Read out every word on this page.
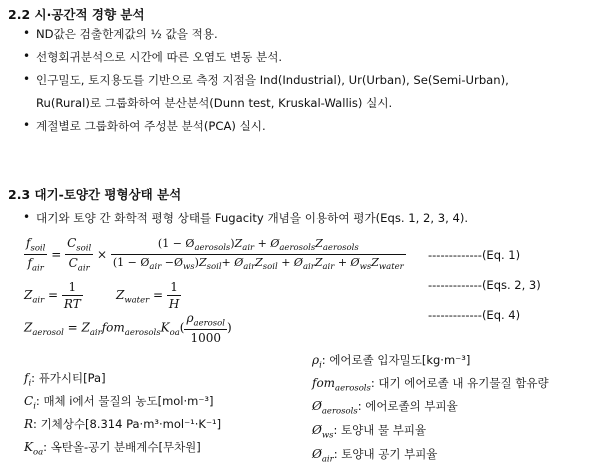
2.2 시·공간적 경향 분석
• ND값은 검출한계값의 ½ 값을 적용.
• 선형회귀분석으로 시간에 따른 오염도 변동 분석.
• 인구밀도, 토지용도를 기반으로 측정 지점을 Ind(Industrial), Ur(Urban), Se(Semi-Urban),
Ru(Rural)로 그룹화하여 분산분석(Dunn test, Kruskal-Wallis) 실시.
• 계절별로 그룹화하여 주성분 분석(PCA) 실시.
2.3 대기-토양간 평형상태 분석
• 대기와 토양 간 화학적 평형 상태를 Fugacity 개념을 이용하여 평가(Eqs. 1, 2, 3, 4).
$\frac{f_{soil}}{f_{air}} = \frac{C_{soil}}{C_{air}} \times \frac{(1 - Ø_{aerosols})Z_{air} + Ø_{aerosols}Z_{aerosols}}{(1 - Ø_{air} -Ø_{ws})Z_{soil}+ Ø_{air}Z_{soil} + Ø_{air}Z_{air} + Ø_{ws}Z_{water}} -------------(Eq$. 1)
$Z_{air} = \frac{1}{RT}$	$Z_{water} = \frac{1}{H}$	-------------(Eqs. 2, 3)
$Z_{aerosol} = Z_{air}fom_{aerosols}K_{oa}( \frac{\rho_{aerosol}}{1000}$ )
-------------(Eq. 4)
$f_i$: 퓨가시티[Pa]
$C_i$: 매체 i에서 물질의 농도[mol·m⁻³]
R: 기체상수[8.314 Pa·m³·mol⁻¹·K⁻¹]
$K_{oa}$: 옥탄올-공기 분배계수[무차원]
$\rho_i$: 에어로졸 입자밀도[kg·m⁻³]
fom$_{aerosols}$: 대기 에어로졸 내 유기물질 함유량
$Ø_{aerosols}$: 에어로졸의 부피율
$Ø_{ws}$: 토양내 물 부피율
$Ø_{air}$: 토양내 공기 부피율
